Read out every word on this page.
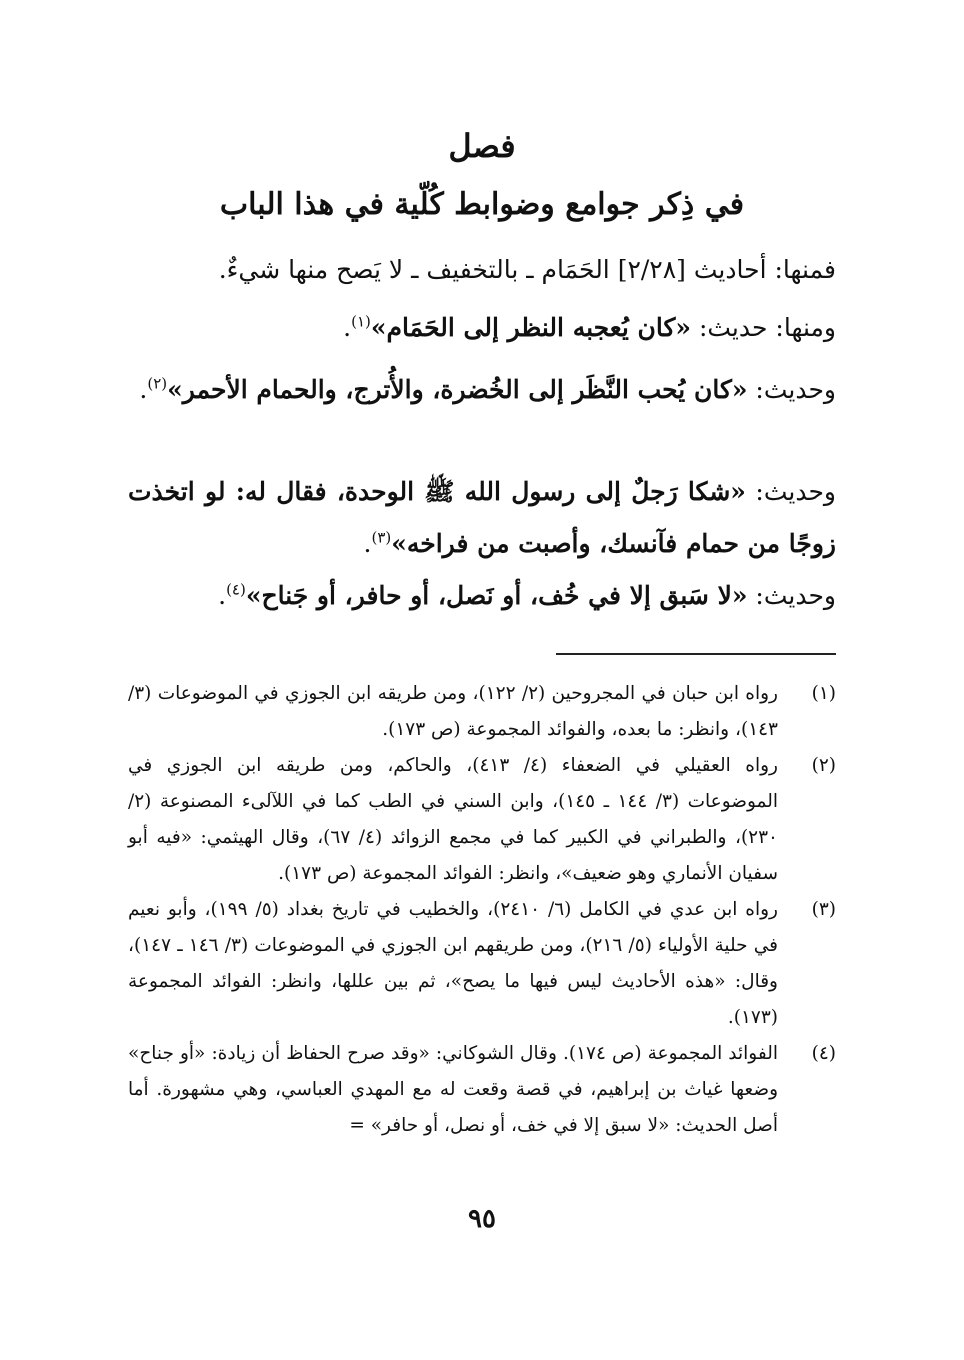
فصل
في ذِكر جوامع وضوابط كُلّية في هذا الباب
فمنها: أحاديث [٢/٢٨] الحَمَام ـ بالتخفيف ـ لا يَصح منها شيءٌ.
ومنها: حديث: «كان يُعجبه النظر إلى الحَمَام»$^{(١)}$.
وحديث: «كان يُحب النَّظَر إلى الخُضرة، والأُترج، والحمام الأحمر»$^{(٢)}$.
وحديث: «شكا رَجلٌ إلى رسول الله ﷺ الوحدة، فقال له: لو اتخذت زوجًا من حمام فآنسك، وأصبت من فراخه»$^{(٣)}$.
وحديث: «لا سَبق إلا في خُف، أو نَصل، أو حافر، أو جَناح»$^{(٤)}$.
(١)
رواه ابن حبان في المجروحين (٢/ ١٢٢)، ومن طريقه ابن الجوزي في الموضوعات (٣/ ١٤٣)، وانظر: ما بعده، والفوائد المجموعة (ص ١٧٣).
(٢)
رواه العقيلي في الضعفاء (٤/ ٤١٣)، والحاكم، ومن طريقه ابن الجوزي في الموضوعات (٣/ ١٤٤ ـ ١٤٥)، وابن السني في الطب كما في اللآلىء المصنوعة (٢/ ٢٣٠)، والطبراني في الكبير كما في مجمع الزوائد (٤/ ٦٧)، وقال الهيثمي: «فيه أبو سفيان الأنماري وهو ضعيف»، وانظر: الفوائد المجموعة (ص ١٧٣).
(٣)
رواه ابن عدي في الكامل (٦/ ٢٤١٠)، والخطيب في تاريخ بغداد (٥/ ١٩٩)، وأبو نعيم في حلية الأولياء (٥/ ٢١٦)، ومن طريقهم ابن الجوزي في الموضوعات (٣/ ١٤٦ ـ ١٤٧)، وقال: «هذه الأحاديث ليس فيها ما يصح»، ثم بين عللها، وانظر: الفوائد المجموعة (١٧٣).
(٤)
الفوائد المجموعة (ص ١٧٤). وقال الشوكاني: «وقد صرح الحفاظ أن زيادة: «أو جناح» وضعها غياث بن إبراهيم، في قصة وقعت له مع المهدي العباسي، وهي مشهورة. أما أصل الحديث: «لا سبق إلا في خف، أو نصل، أو حافر» =
٩٥
